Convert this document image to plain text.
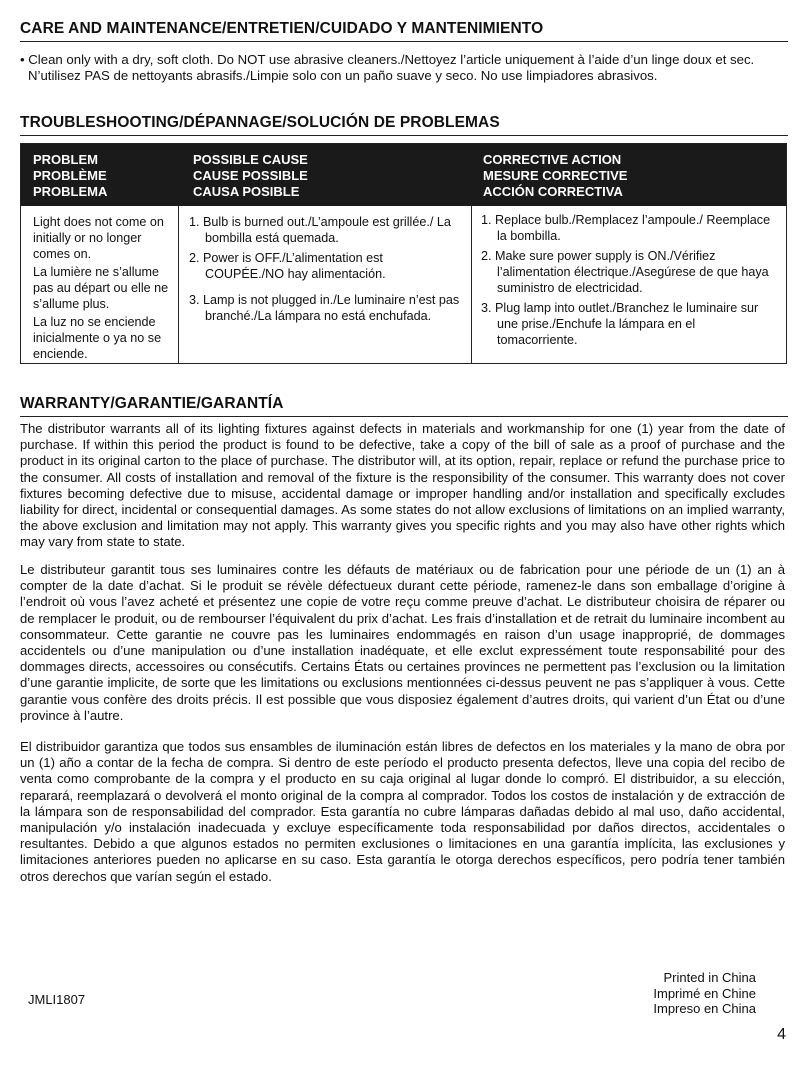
CARE AND MAINTENANCE/ENTRETIEN/CUIDADO Y MANTENIMIENTO
• Clean only with a dry, soft cloth. Do NOT use abrasive cleaners./Nettoyez l’article uniquement à l’aide d’un linge doux et sec.
N’utilisez PAS de nettoyants abrasifs./Limpie solo con un paño suave y seco. No use limpiadores abrasivos.
TROUBLESHOOTING/DÉPANNAGE/SOLUCIÓN DE PROBLEMAS
PROBLEM
PROBLÈME
PROBLEMA
POSSIBLE CAUSE
CAUSE POSSIBLE
CAUSA POSIBLE
CORRECTIVE ACTION
MESURE CORRECTIVE
ACCIÓN CORRECTIVA

Light does not come on initially or no longer comes on.

La lumière ne s’allume pas au départ ou elle ne s’allume plus.

La luz no se enciende inicialmente o ya no se enciende.

1. Bulb is burned out./L’ampoule est grillée./ La bombilla está quemada.
2. Power is OFF./L’alimentation est COUPÉE./NO hay alimentación.
3. Lamp is not plugged in./Le luminaire n’est pas branché./La lámpara no está enchufada.
1. Replace bulb./Remplacez l’ampoule./ Reemplace la bombilla.
2. Make sure power supply is ON./Vérifiez l’alimentation électrique./Asegúrese de que haya suministro de electricidad.
3. Plug lamp into outlet./Branchez le luminaire sur une prise./Enchufe la lámpara en el tomacorriente.
WARRANTY/GARANTIE/GARANTÍA
The distributor warrants all of its lighting fixtures against defects in materials and workmanship for one (1) year from the date of purchase. If within this period the product is found to be defective, take a copy of the bill of sale as a proof of purchase and the product in its original carton to the place of purchase. The distributor will, at its option, repair, replace or refund the purchase price to the consumer. All costs of installation and removal of the fixture is the responsibility of the consumer. This warranty does not cover fixtures becoming defective due to misuse, accidental damage or improper handling and/or installation and specifically excludes liability for direct, incidental or consequential damages. As some states do not allow exclusions of limitations on an implied warranty, the above exclusion and limitation may not apply. This warranty gives you specific rights and you may also have other rights which may vary from state to state.
Le distributeur garantit tous ses luminaires contre les défauts de matériaux ou de fabrication pour une période de un (1) an à compter de la date d’achat. Si le produit se révèle défectueux durant cette période, ramenez-le dans son emballage d’origine à l’endroit où vous l’avez acheté et présentez une copie de votre reçu comme preuve d’achat. Le distributeur choisira de réparer ou de remplacer le produit, ou de rembourser l’équivalent du prix d’achat. Les frais d’installation et de retrait du luminaire incombent au consommateur. Cette garantie ne couvre pas les luminaires endommagés en raison d’un usage inapproprié, de dommages accidentels ou d’une manipulation ou d’une installation inadéquate, et elle exclut expressément toute responsabilité pour des dommages directs, accessoires ou consécutifs. Certains États ou certaines provinces ne permettent pas l’exclusion ou la limitation d’une garantie implicite, de sorte que les limitations ou exclusions mentionnées ci-dessus peuvent ne pas s’appliquer à vous. Cette garantie vous confère des droits précis. Il est possible que vous disposiez également d’autres droits, qui varient d’un État ou d’une province à l’autre.
El distribuidor garantiza que todos sus ensambles de iluminación están libres de defectos en los materiales y la mano de obra por un (1) año a contar de la fecha de compra. Si dentro de este período el producto presenta defectos, lleve una copia del recibo de venta como comprobante de la compra y el producto en su caja original al lugar donde lo compró. El distribuidor, a su elección, reparará, reemplazará o devolverá el monto original de la compra al comprador. Todos los costos de instalación y de extracción de la lámpara son de responsabilidad del comprador. Esta garantía no cubre lámparas dañadas debido al mal uso, daño accidental, manipulación y/o instalación inadecuada y excluye específicamente toda responsabilidad por daños directos, accidentales o resultantes. Debido a que algunos estados no permiten exclusiones o limitaciones en una garantía implícita, las exclusiones y limitaciones anteriores pueden no aplicarse en su caso. Esta garantía le otorga derechos específicos, pero podría tener también otros derechos que varían según el estado.
JMLI1807
Printed in China
Imprimé en Chine
Impreso en China
4
